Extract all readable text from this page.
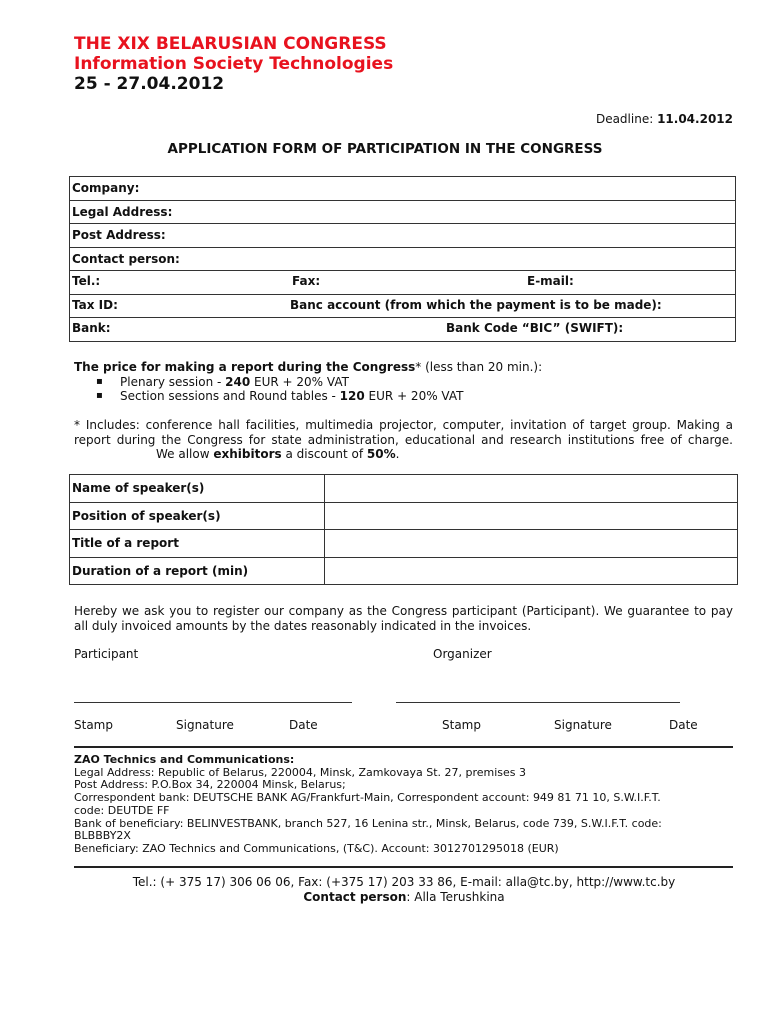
THE XIX BELARUSIAN CONGRESS
Information Society Technologies
25 - 27.04.2012
Deadline: 11.04.2012
APPLICATION FORM OF PARTICIPATION IN THE CONGRESS
Company:
Legal Address:
Post Address:
Contact person:

Tel.:	Fax:	E-mail:

Tax ID:	Banc account (from which the payment is to be made):

Bank:	Bank Code “BIC” (SWIFT):
The price for making a report during the Congress* (less than 20 min.):
▪ Plenary session - 240 EUR + 20% VAT
▪ Section sessions and Round tables - 120 EUR + 20% VAT
* Includes: conference hall facilities, multimedia projector, computer, invitation of target group. Making a report during the Congress for state administration, educational and research institutions free of charge.We allow exhibitors a discount of 50%.
Name of speaker(s)	
Position of speaker(s)	
Title of a report	
Duration of a report (min)	
Hereby we ask you to register our company as the Congress participant (Participant). We guarantee to pay all duly invoiced amounts by the dates reasonably indicated in the invoices.
Participant	Organizer
Stamp	Signature	Date	Stamp	Signature	Date
ZAO Technics and Communications:
Legal Address: Republic of Belarus, 220004, Minsk, Zamkovaya St. 27, premises 3
Post Address: P.O.Box 34, 220004 Minsk, Belarus;
Correspondent bank: DEUTSCHE BANK AG/Frankfurt-Main, Correspondent account: 949 81 71 10, S.W.I.F.T.
code: DEUTDE FF
Bank of beneficiary: BELINVESTBANK, branch 527, 16 Lenina str., Minsk, Belarus, code 739, S.W.I.F.T. code:
BLBBBY2X
Beneficiary: ZAO Technics and Communications, (T&C). Account: 3012701295018 (EUR)
Tel.: (+ 375 17) 306 06 06, Fax: (+375 17) 203 33 86, E-mail: alla@tc.by, http://www.tc.by
Contact person: Alla Terushkina
